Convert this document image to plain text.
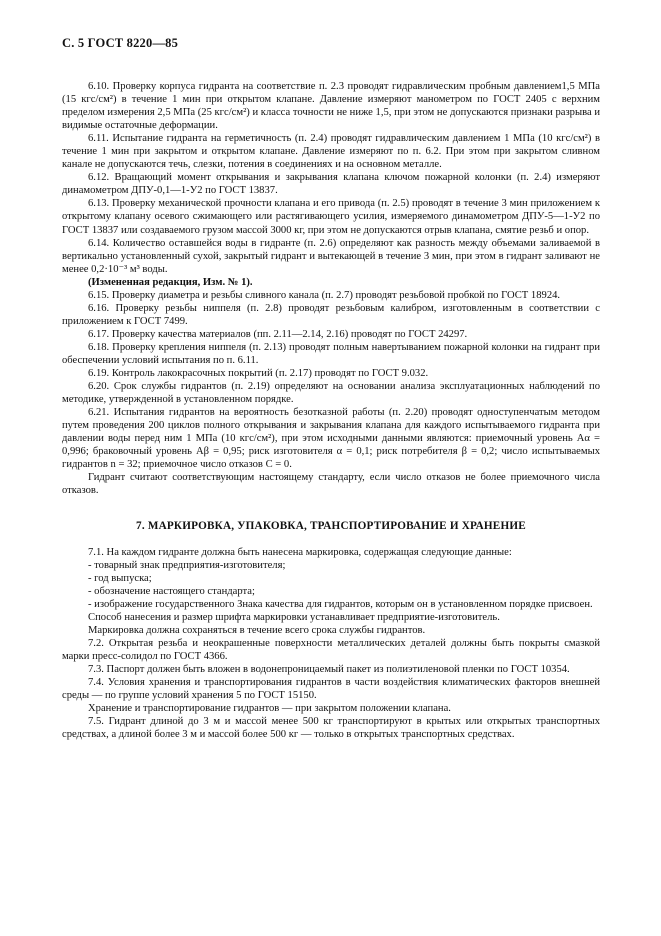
С. 5 ГОСТ 8220—85

6.10. Проверку корпуса гидранта на соответствие п. 2.3 проводят гидравлическим пробным давлением1,5 МПа (15 кгс/см²) в течение 1 мин при открытом клапане. Давление измеряют манометром по ГОСТ 2405 с верхним пределом измерения 2,5 МПа (25 кгс/см²) и класса точности не ниже 1,5, при этом не допускаются признаки разрыва и видимые остаточные деформации.

6.11. Испытание гидранта на герметичность (п. 2.4) проводят гидравлическим давлением 1 МПа (10 кгс/см²) в течение 1 мин при закрытом и открытом клапане. Давление измеряют по п. 6.2. При этом при закрытом сливном канале не допускаются течь, слезки, потения в соединениях и на основном металле.

6.12. Вращающий момент открывания и закрывания клапана ключом пожарной колонки (п. 2.4) измеряют динамометром ДПУ-0,1—1-У2 по ГОСТ 13837.

6.13. Проверку механической прочности клапана и его привода (п. 2.5) проводят в течение 3 мин приложением к открытому клапану осевого сжимающего или растягивающего усилия, измеряемого динамометром ДПУ-5—1-У2 по ГОСТ 13837 или создаваемого грузом массой 3000 кг, при этом не допускаются отрыв клапана, смятие резьб и опор.

6.14. Количество оставшейся воды в гидранте (п. 2.6) определяют как разность между объемами заливаемой в вертикально установленный сухой, закрытый гидрант и вытекающей в течение 3 мин, при этом в гидрант заливают не менее 0,2·10⁻³ м³ воды.

(Измененная редакция, Изм. № 1).

6.15. Проверку диаметра и резьбы сливного канала (п. 2.7) проводят резьбовой пробкой по ГОСТ 18924.

6.16. Проверку резьбы ниппеля (п. 2.8) проводят резьбовым калибром, изготовленным в соответствии с приложением к ГОСТ 7499.

6.17. Проверку качества материалов (пп. 2.11—2.14, 2.16) проводят по ГОСТ 24297.

6.18. Проверку крепления ниппеля (п. 2.13) проводят полным навертыванием пожарной колонки на гидрант при обеспечении условий испытания по п. 6.11.

6.19. Контроль лакокрасочных покрытий (п. 2.17) проводят по ГОСТ 9.032.

6.20. Срок службы гидрантов (п. 2.19) определяют на основании анализа эксплуатационных наблюдений по методике, утвержденной в установленном порядке.

6.21. Испытания гидрантов на вероятность безотказной работы (п. 2.20) проводят одноступенчатым методом путем проведения 200 циклов полного открывания и закрывания клапана для каждого испытываемого гидранта при давлении воды перед ним 1 МПа (10 кгс/см²), при этом исходными данными являются: приемочный уровень Aα = 0,996; браковочный уровень Aβ = 0,95; риск изготовителя α = 0,1; риск потребителя β = 0,2; число испытываемых гидрантов n = 32; приемочное число отказов C = 0.

Гидрант считают соответствующим настоящему стандарту, если число отказов не более приемочного числа отказов.

7. МАРКИРОВКА, УПАКОВКА, ТРАНСПОРТИРОВАНИЕ И ХРАНЕНИЕ

7.1. На каждом гидранте должна быть нанесена маркировка, содержащая следующие данные:

- товарный знак предприятия-изготовителя;

- год выпуска;

- обозначение настоящего стандарта;

- изображение государственного Знака качества для гидрантов, которым он в установленном порядке присвоен.

Способ нанесения и размер шрифта маркировки устанавливает предприятие-изготовитель.

Маркировка должна сохраняться в течение всего срока службы гидрантов.

7.2. Открытая резьба и неокрашенные поверхности металлических деталей должны быть покрыты смазкой марки пресс-солидол по ГОСТ 4366.

7.3. Паспорт должен быть вложен в водонепроницаемый пакет из полиэтиленовой пленки по ГОСТ 10354.

7.4. Условия хранения и транспортирования гидрантов в части воздействия климатических факторов внешней среды — по группе условий хранения 5 по ГОСТ 15150.

Хранение и транспортирование гидрантов — при закрытом положении клапана.

7.5. Гидрант длиной до 3 м и массой менее 500 кг транспортируют в крытых или открытых транспортных средствах, а длиной более 3 м и массой более 500 кг — только в открытых транспортных средствах.
